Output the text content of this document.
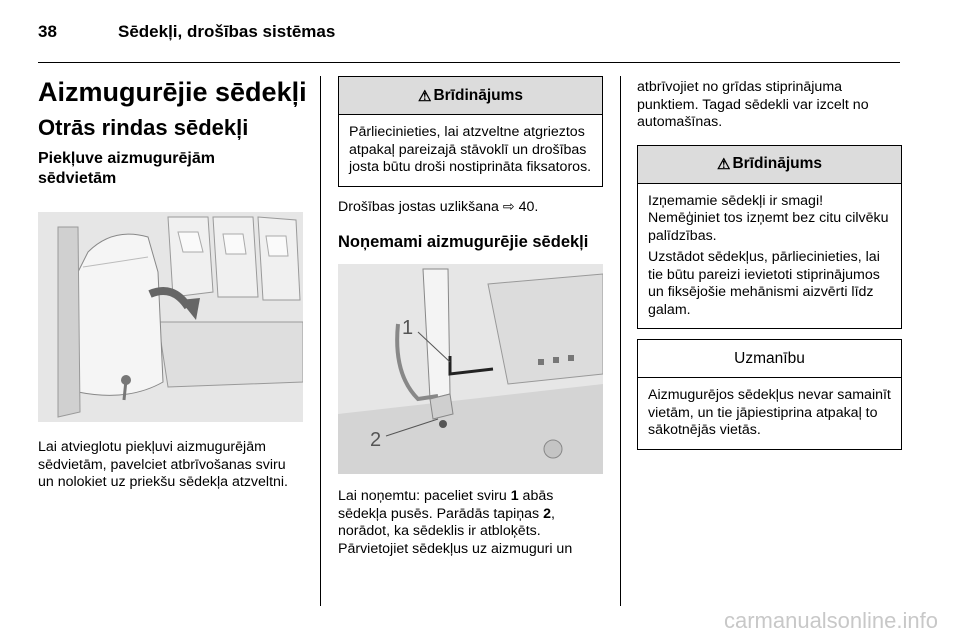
38	Sēdekļi, drošības sistēmas
Aizmugurējie sēdekļi
Otrās rindas sēdekļi
Piekļuve aizmugurējām
sēdvietām

Lai atvieglotu piekļuvi aizmugurējām sēdvietām, pavelciet atbrīvošanas sviru un nolokiet uz priekšu sēdekļa atzveltni.

⚠ Brīdinājums

Pārliecinieties, lai atzveltne atgrieztos atpakaļ pareizajā stāvoklī un drošības josta būtu droši nostiprināta fiksatoros.

Drošības jostas uzlikšana ⇨ 40.

Noņemami aizmugurējie sēdekļi
1
2

Lai noņemtu: paceliet sviru 1 abās sēdekļa pusēs. Parādās tapiņas 2, norādot, ka sēdeklis ir atbloķēts. Pārvietojiet sēdekļus uz aizmuguri un

atbrīvojiet no grīdas stiprinājuma punktiem. Tagad sēdekli var izcelt no automašīnas.

⚠ Brīdinājums

Izņemamie sēdekļi ir smagi! Nemēģiniet tos izņemt bez citu cilvēku palīdzības.

Uzstādot sēdekļus, pārliecinieties, lai tie būtu pareizi ievietoti stiprinājumos un fiksējošie mehānismi aizvērti līdz galam.

Uzmanību

Aizmugurējos sēdekļus nevar samainīt vietām, un tie jāpiestiprina atpakaļ to sākotnējās vietās.

carmanualsonline.info
